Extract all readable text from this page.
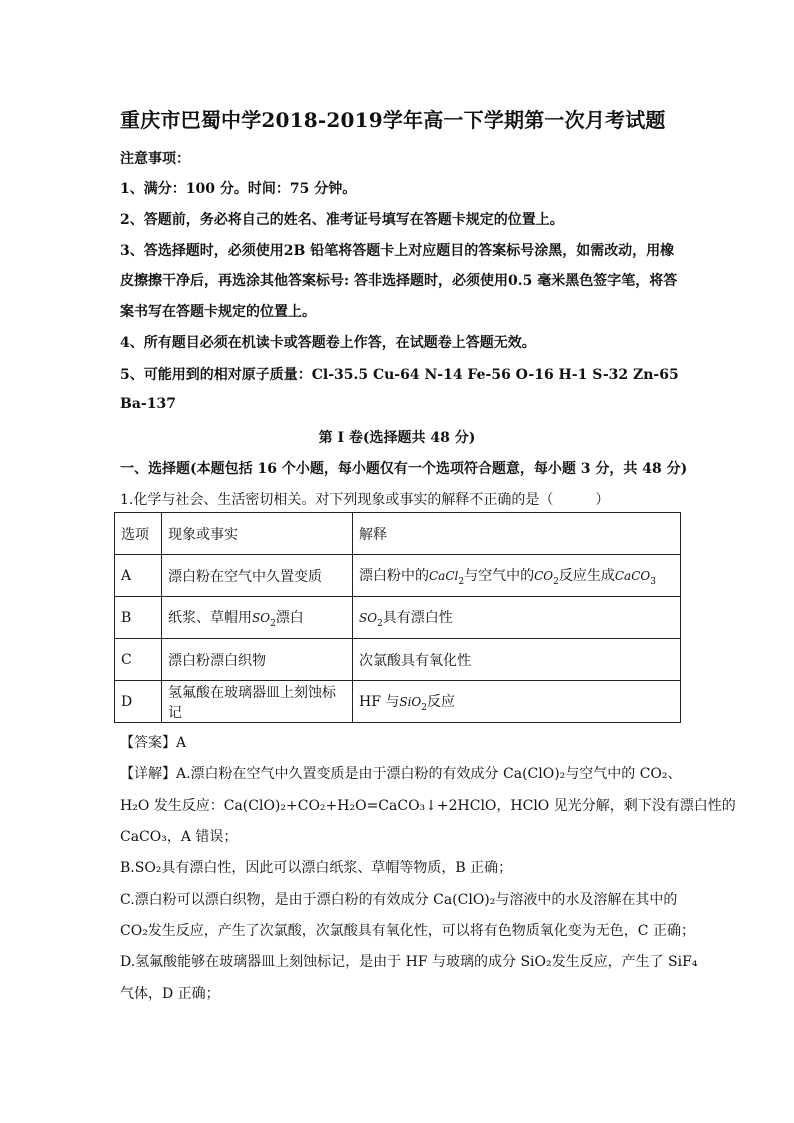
重庆市巴蜀中学2018-2019学年高一下学期第一次月考试题
注意事项：
1、满分：100 分。时间：75 分钟。
2、答题前，务必将自己的姓名、准考证号填写在答题卡规定的位置上。
3、答选择题时，必须使用2B 铅笔将答题卡上对应题目的答案标号涂黑，如需改动，用橡
皮擦擦干净后，再选涂其他答案标号: 答非选择题时，必须使用0.5 毫米黑色签字笔，将答
案书写在答题卡规定的位置上。
4、所有题目必须在机读卡或答题卷上作答，在试题卷上答题无效。
5、可能用到的相对原子质量：Cl-35.5 Cu-64 N-14 Fe-56 O-16 H-1 S-32 Zn-65
Ba-137
第 I 卷(选择题共 48 分)
一、选择题(本题包括 16 个小题，每小题仅有一个选项符合题意，每小题 3 分，共 48 分)
1.化学与社会、生活密切相关。对下列现象或事实的解释不正确的是（　　　）
选项	现象或事实	解释
A	漂白粉在空气中久置变质	漂白粉中的CaCl$_2$与空气中的$CO_2$反应生成CaCO$_3$
B	纸浆、草帽用$SO_2$漂白	$SO_2$具有漂白性
C	漂白粉漂白织物	次氯酸具有氧化性
D	氢氟酸在玻璃器皿上刻蚀标记	HF 与SiO$_2$反应
【答案】A
【详解】A.漂白粉在空气中久置变质是由于漂白粉的有效成分 Ca(ClO)₂与空气中的 CO₂、
H₂O 发生反应：Ca(ClO)₂+CO₂+H₂O=CaCO₃↓+2HClO，HClO 见光分解，剩下没有漂白性的
CaCO₃，A 错误；
B.SO₂具有漂白性，因此可以漂白纸浆、草帽等物质，B 正确；
C.漂白粉可以漂白织物，是由于漂白粉的有效成分 Ca(ClO)₂与溶液中的水及溶解在其中的
CO₂发生反应，产生了次氯酸，次氯酸具有氧化性，可以将有色物质氧化变为无色，C 正确；
D.氢氟酸能够在玻璃器皿上刻蚀标记，是由于 HF 与玻璃的成分 SiO₂发生反应，产生了 SiF₄
气体，D 正确；
